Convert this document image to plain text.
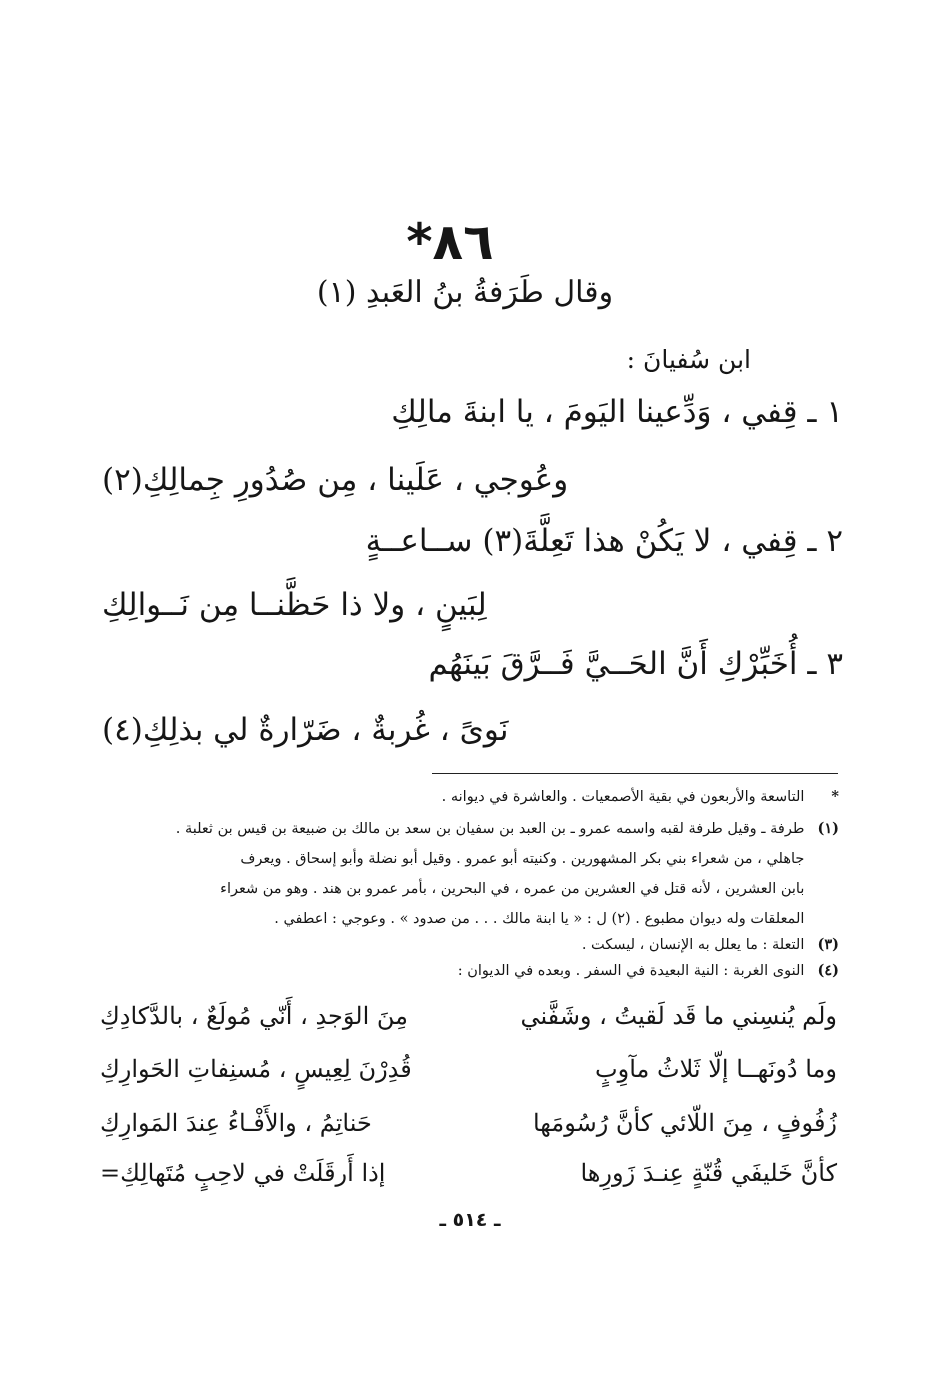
٨٦*
وقال طَرَفةُ بنُ العَبدِ (١)
ابن سُفيانَ :
١ ـ قِفي ، وَدِّعينا اليَومَ ، يا ابنةَ مالِكِ
وعُوجي ، عَلَينا ، مِن صُدُورِ جِمالِكِ(٢)
٢ ـ قِفي ، لا يَكُنْ هذا تَعِلَّةَ(٣) ســاعــةٍ
لِبَينٍ ، ولا ذا حَظَّنــا مِن نَــوالِكِ
٣ ـ أُخَبِّرْكِ أَنَّ الحَــيَّ فَــرَّقَ بَينَهُم
نَوىً ، غُربةٌ ، ضَرّارةٌ لي بذلِكِ(٤)
* التاسعة والأربعون في بقية الأصمعيات . والعاشرة في ديوانه .
(١) طرفة ـ وقيل طرفة لقبه واسمه عمرو ـ بن العبد بن سفيان بن سعد بن مالك بن ضبيعة بن قيس بن ثعلبة .
جاهلي ، من شعراء بني بكر المشهورين . وكنيته أبو عمرو . وقيل أبو نضلة وأبو إسحاق . ويعرف
بابن العشرين ، لأنه قتل في العشرين من عمره ، في البحرين ، بأمر عمرو بن هند . وهو من شعراء
المعلقات وله ديوان مطبوع . (٢) ل : « يا ابنة مالك . . . من صدود » . وعوجي : اعطفي .
(٣) التعلة : ما يعلل به الإنسان ، ليسكت .
(٤) النوى الغربة : النية البعيدة في السفر . وبعده في الديوان :
ولَم يُنسِني ما قَد لَقيتُ ، وشَفَّني
مِنَ الوَجدِ ، أَنّي مُولَعٌ ، بالدَّكادِكِ
وما دُونَهــا إلّا ثَلاثُ مآوِبٍ
قُدِرْنَ لِعِيسٍ ، مُسنِفاتِ الحَوارِكِ
زُفُوفٍ ، مِنَ اللّائي كأنَّ رُسُومَها
حَناتِمُ ، والأَفْـاءُ عِندَ المَوارِكِ
كأنَّ خَليفَي قُنّةٍ عِنـدَ زَورِها
إذا أَرقَلَتْ في لاحِبٍ مُتَهالِكِ=
ـ ٥١٤ ـ
